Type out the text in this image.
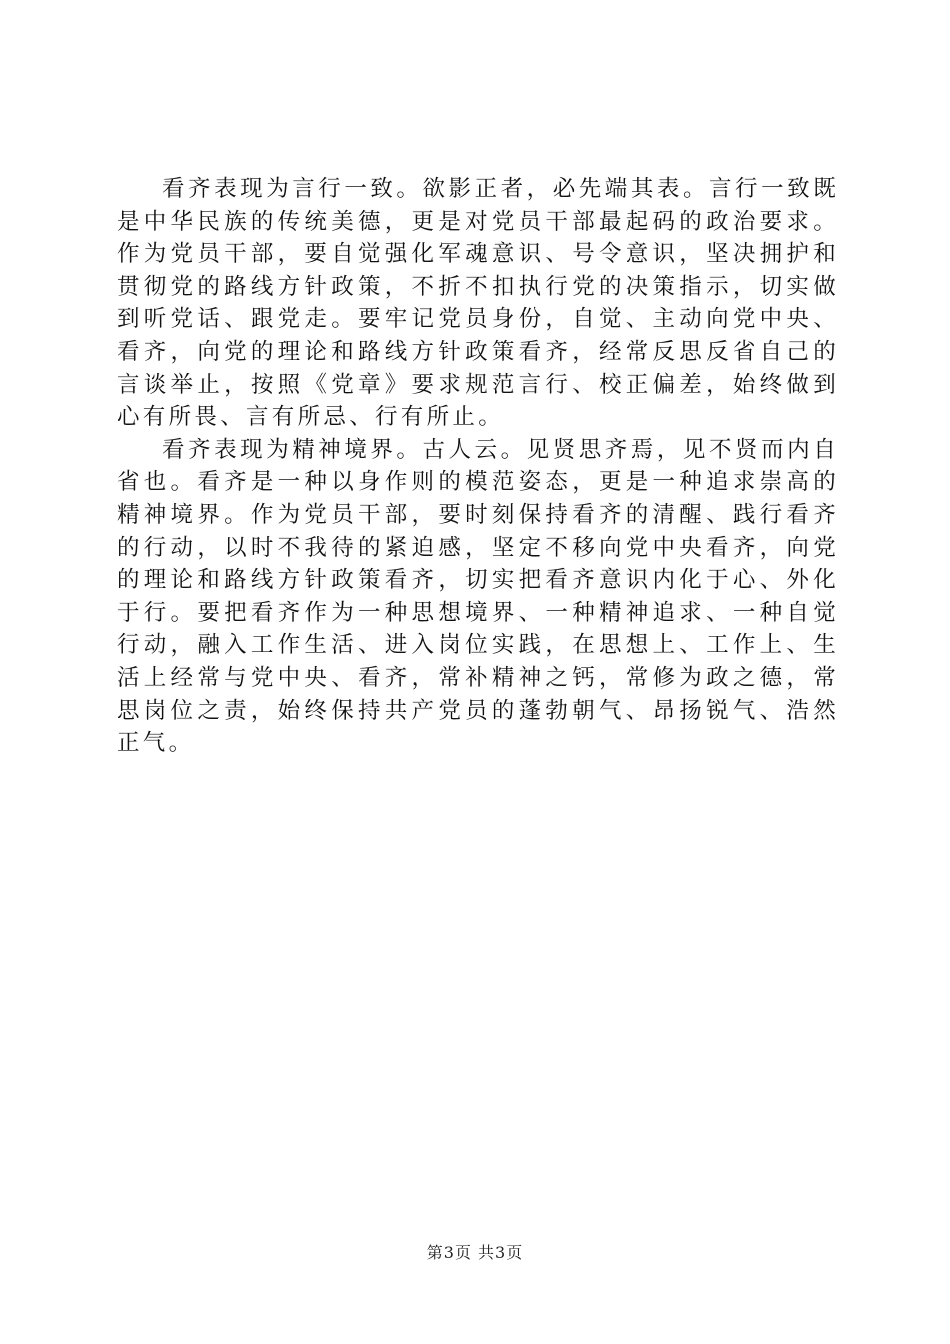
看齐表现为言行一致。欲影正者，必先端其表。言行一致既是中华民族的传统美德，更是对党员干部最起码的政治要求。作为党员干部，要自觉强化军魂意识、号令意识，坚决拥护和贯彻党的路线方针政策，不折不扣执行党的决策指示，切实做到听党话、跟党走。要牢记党员身份，自觉、主动向党中央、看齐，向党的理论和路线方针政策看齐，经常反思反省自己的言谈举止，按照《党章》要求规范言行、校正偏差，始终做到心有所畏、言有所忌、行有所止。

看齐表现为精神境界。古人云。见贤思齐焉，见不贤而内自省也。看齐是一种以身作则的模范姿态，更是一种追求崇高的精神境界。作为党员干部，要时刻保持看齐的清醒、践行看齐的行动，以时不我待的紧迫感，坚定不移向党中央看齐，向党的理论和路线方针政策看齐，切实把看齐意识内化于心、外化于行。要把看齐作为一种思想境界、一种精神追求、一种自觉行动，融入工作生活、进入岗位实践，在思想上、工作上、生活上经常与党中央、看齐，常补精神之钙，常修为政之德，常思岗位之责，始终保持共产党员的蓬勃朝气、昂扬锐气、浩然正气。

第3页 共3页
